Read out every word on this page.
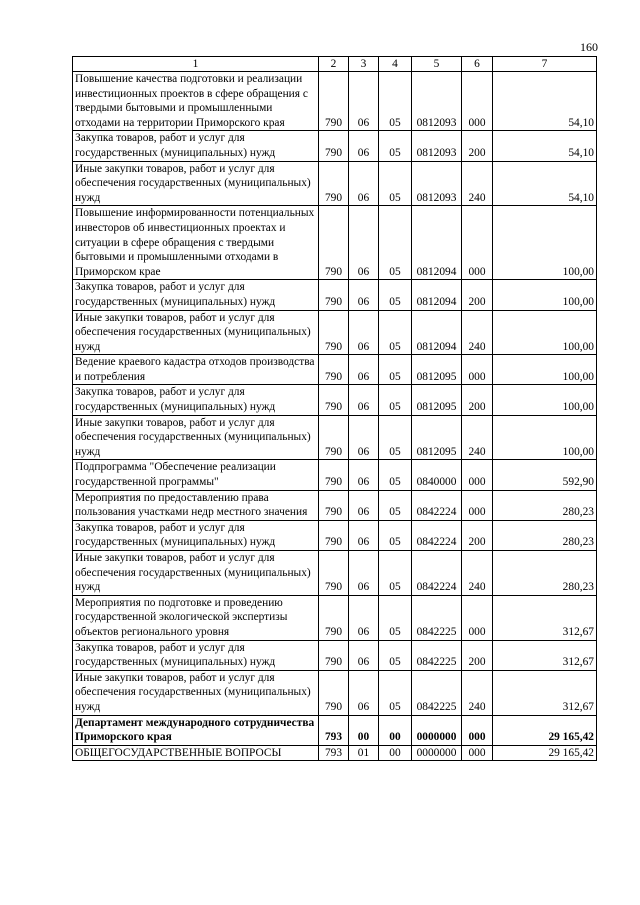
160
1	2	3	4	5	6	7
Повышение качества подготовки и реализации инвестиционных проектов в сфере обращения с твердыми бытовыми и промышленными отходами на территории Приморского края	790	06	05	0812093	000	54,10
Закупка товаров, работ и услуг для государственных (муниципальных) нужд	790	06	05	0812093	200	54,10
Иные закупки товаров, работ и услуг для обеспечения государственных (муниципальных) нужд	790	06	05	0812093	240	54,10
Повышение информированности потенциальных инвесторов об инвестиционных проектах и ситуации в сфере обращения с твердыми бытовыми и промышленными отходами в Приморском крае	790	06	05	0812094	000	100,00
Закупка товаров, работ и услуг для государственных (муниципальных) нужд	790	06	05	0812094	200	100,00
Иные закупки товаров, работ и услуг для обеспечения государственных (муниципальных) нужд	790	06	05	0812094	240	100,00
Ведение краевого кадастра отходов производства и потребления	790	06	05	0812095	000	100,00
Закупка товаров, работ и услуг для государственных (муниципальных) нужд	790	06	05	0812095	200	100,00
Иные закупки товаров, работ и услуг для обеспечения государственных (муниципальных) нужд	790	06	05	0812095	240	100,00
Подпрограмма "Обеспечение реализации государственной программы"	790	06	05	0840000	000	592,90
Мероприятия по предоставлению права пользования участками недр местного значения	790	06	05	0842224	000	280,23
Закупка товаров, работ и услуг для государственных (муниципальных) нужд	790	06	05	0842224	200	280,23
Иные закупки товаров, работ и услуг для обеспечения государственных (муниципальных) нужд	790	06	05	0842224	240	280,23
Мероприятия по подготовке и проведению государственной экологической экспертизы объектов регионального уровня	790	06	05	0842225	000	312,67
Закупка товаров, работ и услуг для государственных (муниципальных) нужд	790	06	05	0842225	200	312,67
Иные закупки товаров, работ и услуг для обеспечения государственных (муниципальных) нужд	790	06	05	0842225	240	312,67
Департамент международного сотрудничества Приморского края	793	00	00	0000000	000	29 165,42
ОБЩЕГОСУДАРСТВЕННЫЕ ВОПРОСЫ	793	01	00	0000000	000	29 165,42
